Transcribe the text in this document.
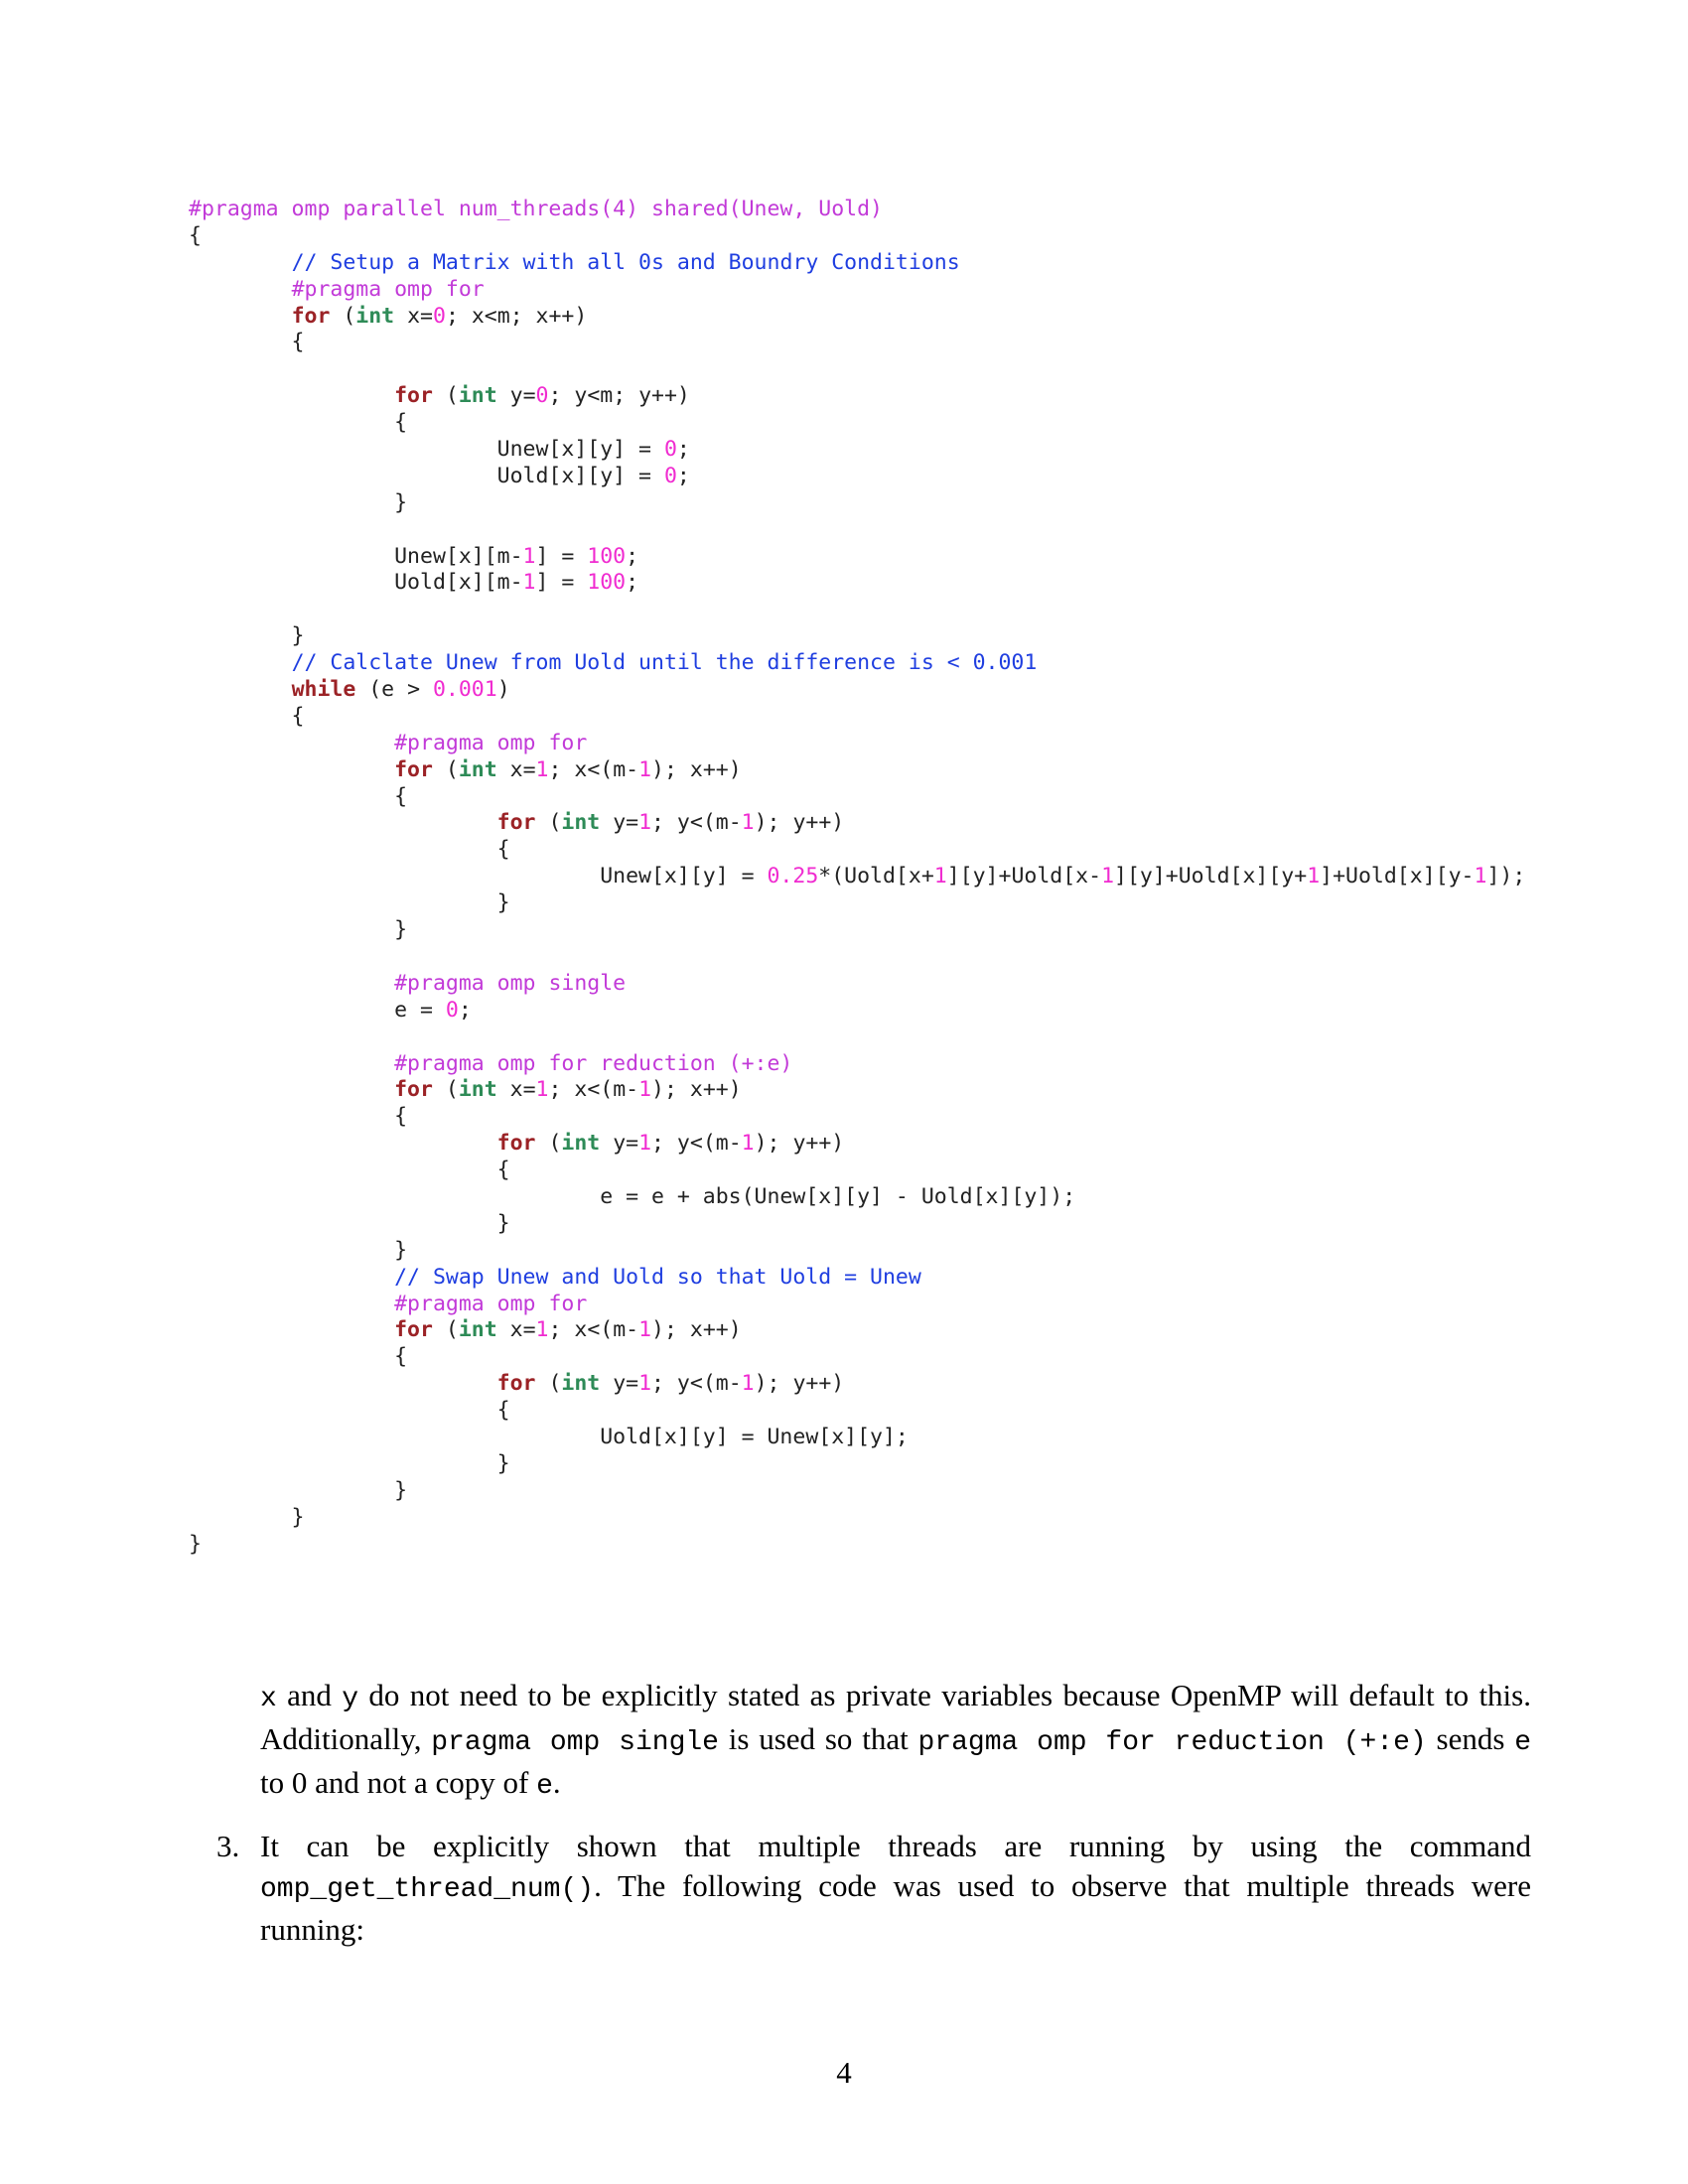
#pragma omp parallel num_threads(4) shared(Unew, Uold)
{
// Setup a Matrix with all 0s and Boundry Conditions
#pragma omp for
for (int x=0; x<m; x++)
{
for (int y=0; y<m; y++)
{
Unew[x][y] = 0;
Uold[x][y] = 0;
}
Unew[x][m-1] = 100;
Uold[x][m-1] = 100;
}
// Calclate Unew from Uold until the difference is < 0.001
while (e > 0.001)
{
#pragma omp for
for (int x=1; x<(m-1); x++)
{
for (int y=1; y<(m-1); y++)
{
Unew[x][y] = 0.25*(Uold[x+1][y]+Uold[x-1][y]+Uold[x][y+1]+Uold[x][y-1]);
}
}
#pragma omp single
e = 0;
#pragma omp for reduction (+:e)
for (int x=1; x<(m-1); x++)
{
for (int y=1; y<(m-1); y++)
{
e = e + abs(Unew[x][y] - Uold[x][y]);
}
}
// Swap Unew and Uold so that Uold = Unew
#pragma omp for
for (int x=1; x<(m-1); x++)
{
for (int y=1; y<(m-1); y++)
{
Uold[x][y] = Unew[x][y];
}
}
}
}
x and y do not need to be explicitly stated as private variables because OpenMP will default to this. Additionally, pragma omp single is used so that pragma omp for reduction (+:e) sends e to 0 and not a copy of e.
3. It can be explicitly shown that multiple threads are running by using the command omp_get_thread_num(). The following code was used to observe that multiple threads were running:
4
